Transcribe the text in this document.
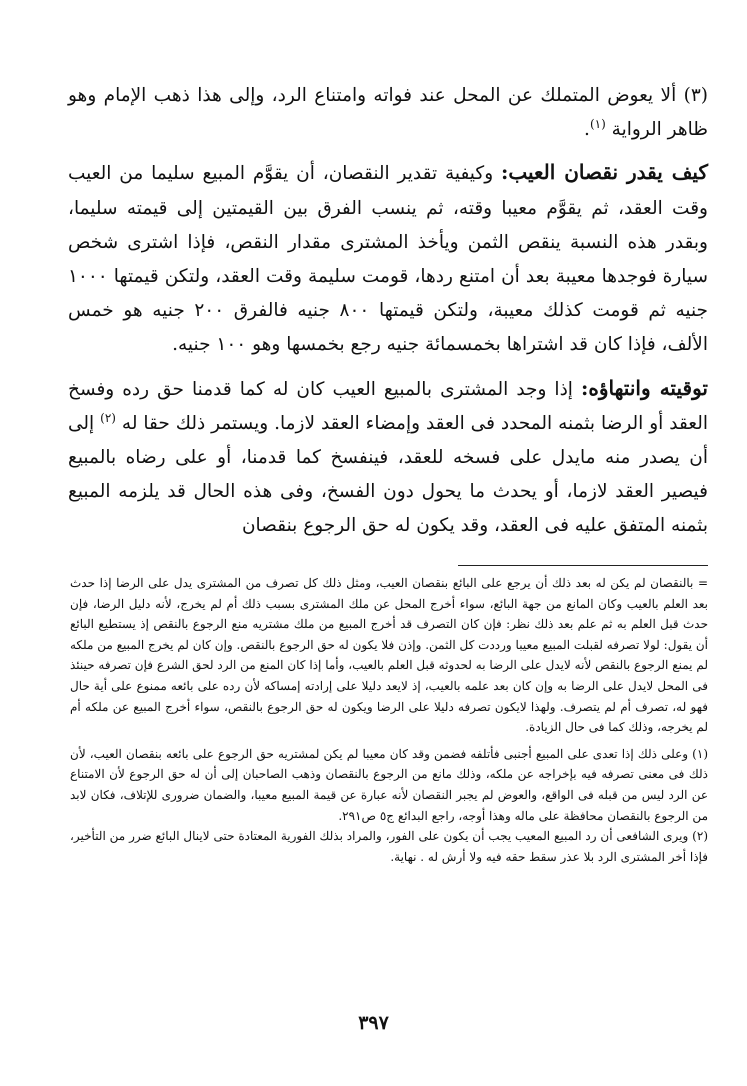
(٣) ألا يعوض المتملك عن المحل عند فواته وامتناع الرد، وإلى هذا ذهب الإمام وهو ظاهر الرواية $^{(١)}$.

كيف يقدر نقصان العيب: وكيفية تقدير النقصان، أن يقوَّم المبيع سليما من العيب وقت العقد، ثم يقوَّم معيبا وقته، ثم ينسب الفرق بين القيمتين إلى قيمته سليما، وبقدر هذه النسبة ينقص الثمن ويأخذ المشترى مقدار النقص، فإذا اشترى شخص سيارة فوجدها معيبة بعد أن امتنع ردها، قومت سليمة وقت العقد، ولتكن قيمتها ١٠٠٠ جنيه ثم قومت كذلك معيبة، ولتكن قيمتها ٨٠٠ جنيه فالفرق ٢٠٠ جنيه هو خمس الألف، فإذا كان قد اشتراها بخمسمائة جنيه رجع بخمسها وهو ١٠٠ جنيه.

توقيته وانتهاؤه: إذا وجد المشترى بالمبيع العيب كان له كما قدمنا حق رده وفسخ العقد أو الرضا بثمنه المحدد فى العقد وإمضاء العقد لازما. ويستمر ذلك حقا له $^{(٢)}$ إلى أن يصدر منه مايدل على فسخه للعقد، فينفسخ كما قدمنا، أو على رضاه بالمبيع فيصير العقد لازما، أو يحدث ما يحول دون الفسخ، وفى هذه الحال قد يلزمه المبيع بثمنه المتفق عليه فى العقد، وقد يكون له حق الرجوع بنقصان

= بالنقصان لم يكن له بعد ذلك أن يرجع على البائع بنقصان العيب، ومثل ذلك كل تصرف من المشترى يدل على الرضا إذا حدث بعد العلم بالعيب وكان المانع من جهة البائع، سواء أخرج المحل عن ملك المشترى بسبب ذلك أم لم يخرج، لأنه دليل الرضا، فإن حدث قبل العلم به ثم علم بعد ذلك نظر: فإن كان التصرف قد أخرج المبيع من ملك مشتريه منع الرجوع بالنقص إذ يستطيع البائع أن يقول: لولا تصرفه لقبلت المبيع معيبا ورددت كل الثمن. وإذن فلا يكون له حق الرجوع بالنقص. وإن كان لم يخرج المبيع من ملكه لم يمنع الرجوع بالنقص لأنه لايدل على الرضا به لحدوثه قبل العلم بالعيب، وأما إذا كان المنع من الرد لحق الشرع فإن تصرفه حينئذ فى المحل لايدل على الرضا به وإن كان بعد علمه بالعيب، إذ لايعد دليلا على إرادته إمساكه لأن رده على بائعه ممنوع على أية حال فهو له، تصرف أم لم يتصرف. ولهذا لايكون تصرفه دليلا على الرضا ويكون له حق الرجوع بالنقص، سواء أخرج المبيع عن ملكه أم لم يخرجه، وذلك كما فى حال الزيادة.

(١) وعلى ذلك إذا تعدى على المبيع أجنبى فأتلفه فضمن وقد كان معيبا لم يكن لمشتريه حق الرجوع على بائعه بنقصان العيب، لأن ذلك فى معنى تصرفه فيه بإخراجه عن ملكه، وذلك مانع من الرجوع بالنقصان وذهب الصاحبان إلى أن له حق الرجوع لأن الامتناع عن الرد ليس من قبله فى الواقع، والعوض لم يجبر النقصان لأنه عبارة عن قيمة المبيع معيبا، والضمان ضرورى للإتلاف، فكان لابد من الرجوع بالنقصان محافظة على ماله وهذا أوجه، راجع البدائع ج٥ ص٢٩١.

(٢) ويرى الشافعى أن رد المبيع المعيب يجب أن يكون على الفور، والمراد بذلك الفورية المعتادة حتى لاينال البائع ضرر من التأخير، فإذا أخر المشترى الرد بلا عذر سقط حقه فيه ولا أرش له . نهاية.

٣٩٧
